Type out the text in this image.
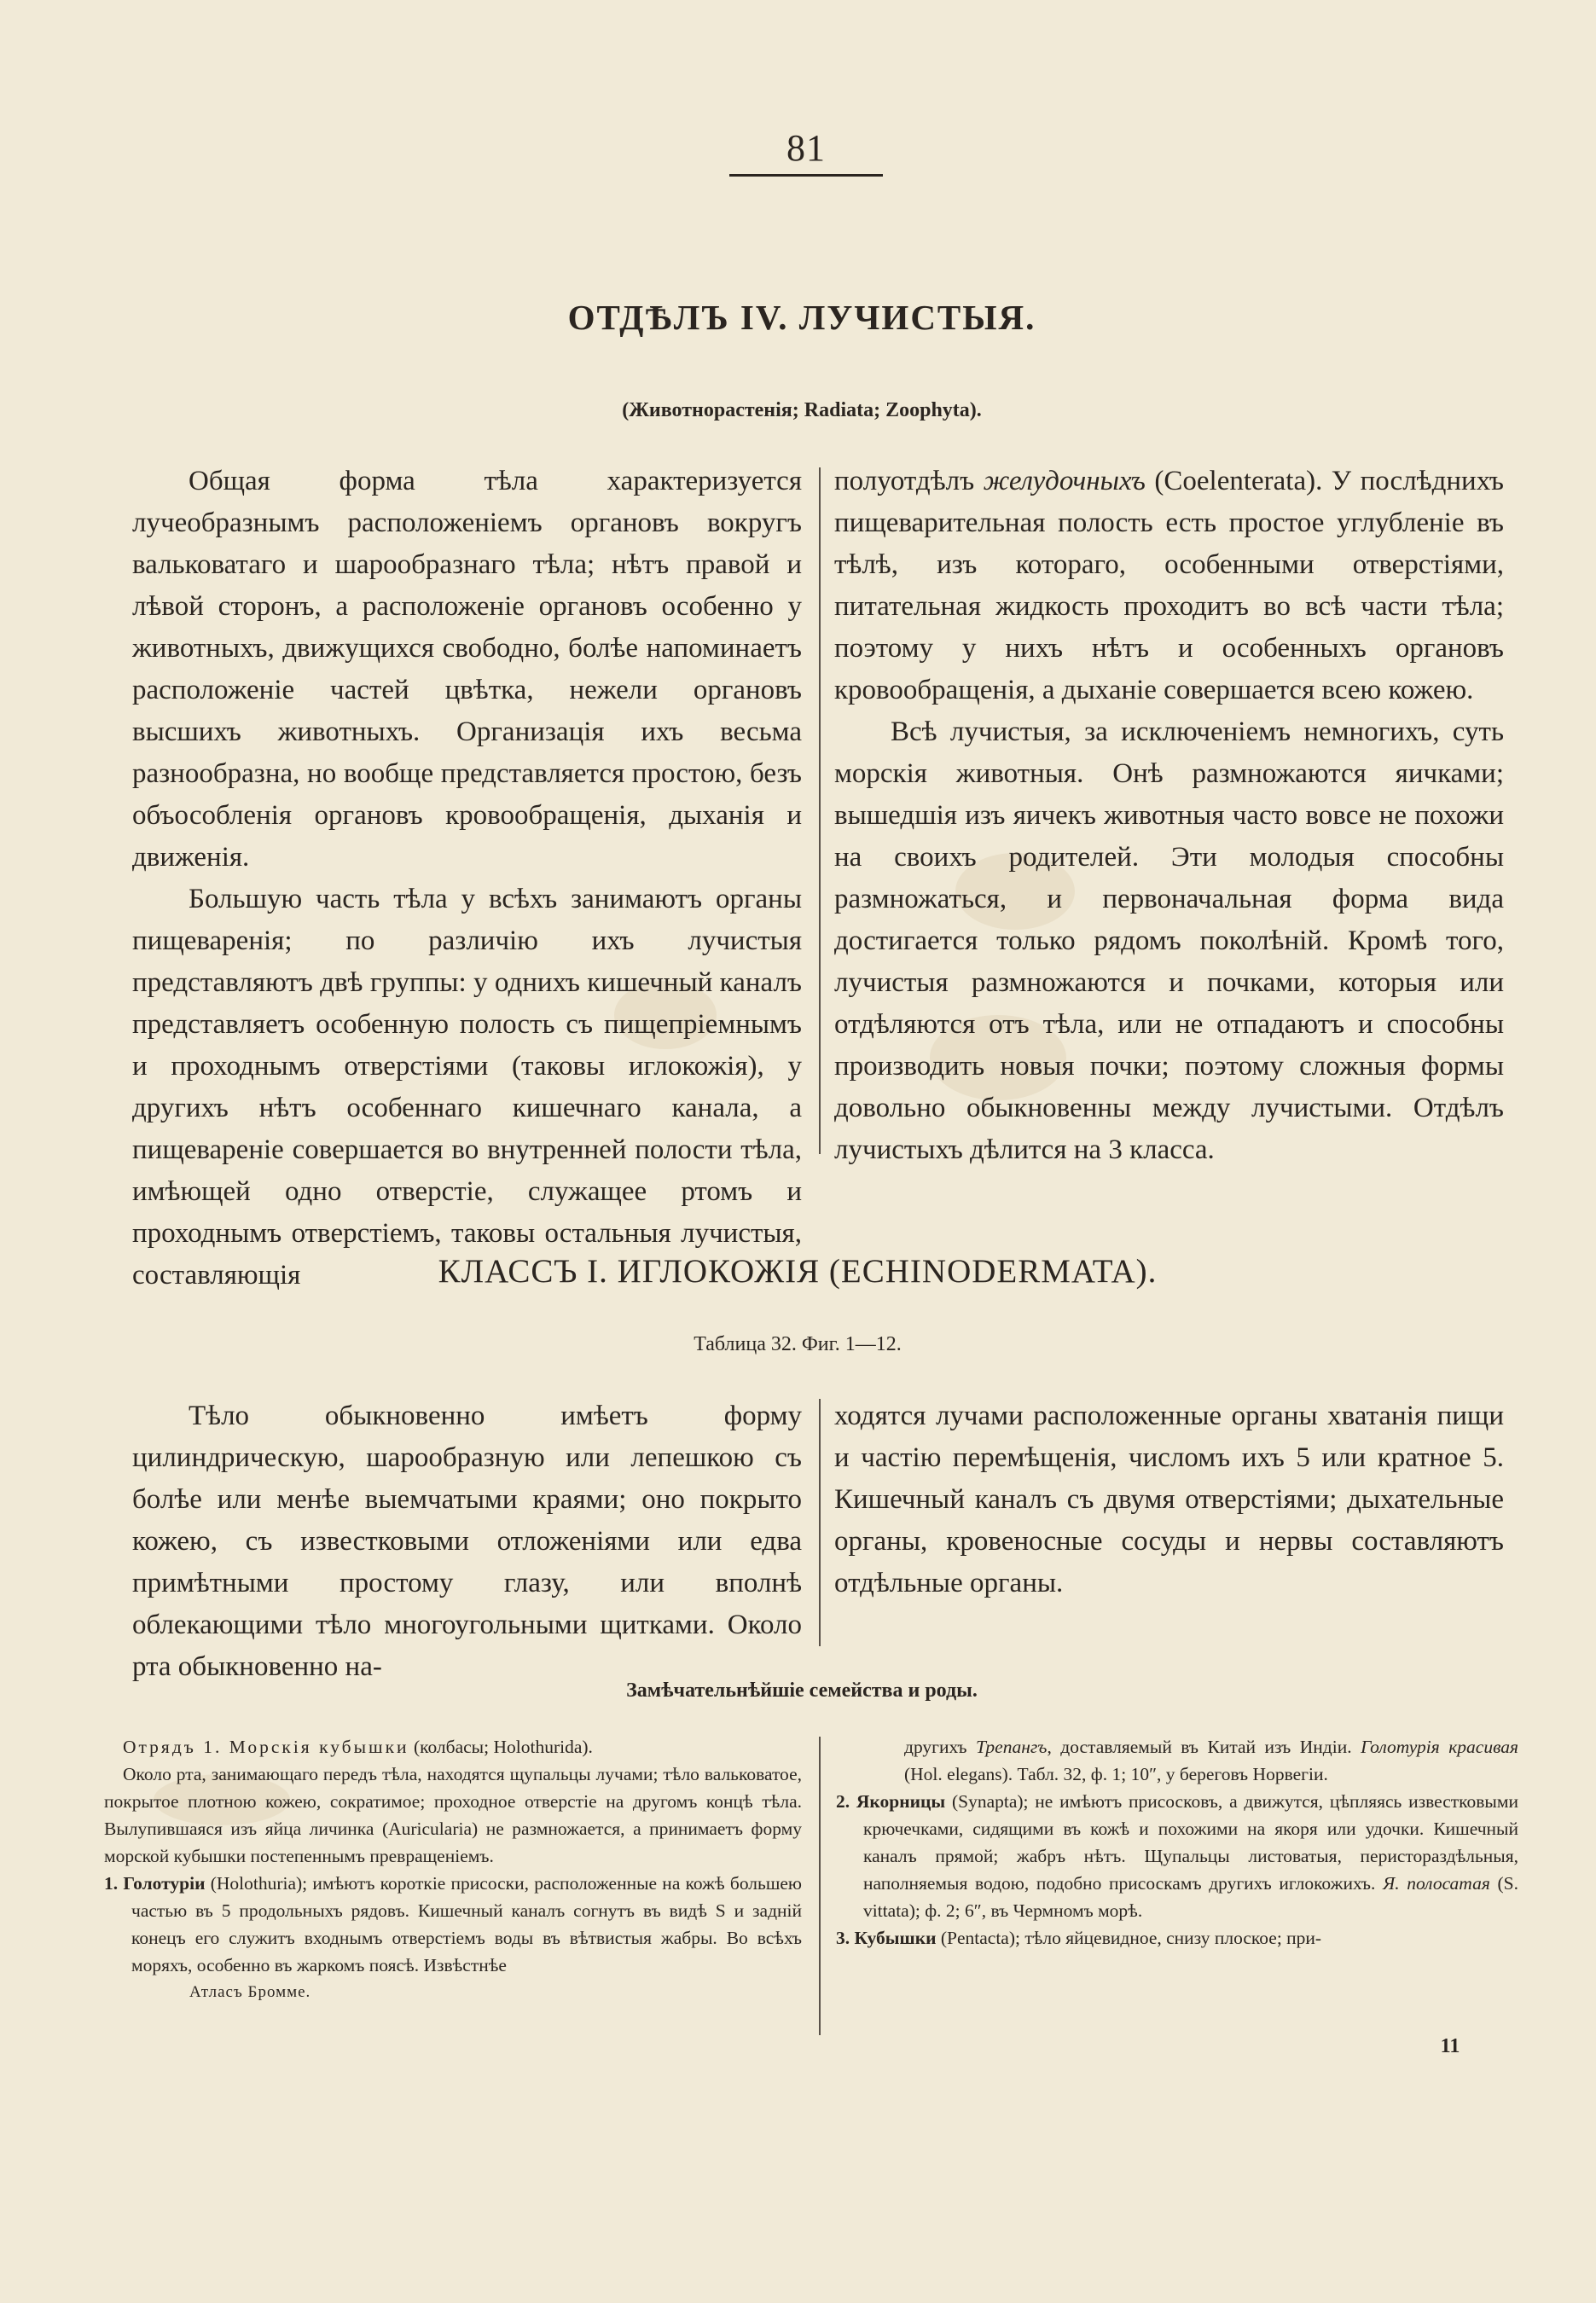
81
ОТДѢЛЪ IV. ЛУЧИСТЫЯ.
(Животнорастенія; Radiata; Zoophyta).

Общая форма тѣла характеризуется лучеобразнымъ расположеніемъ органовъ вокругъ вальковатаго и шарообразнаго тѣла; нѣтъ правой и лѣвой сторонъ, а расположеніе органовъ особенно у животныхъ, движущихся свободно, болѣе напоминаетъ расположеніе частей цвѣтка, нежели органовъ высшихъ животныхъ. Организація ихъ весьма разнообразна, но вообще представляется простою, безъ объособленія органовъ кровообращенія, дыханія и движенія.

Большую часть тѣла у всѣхъ занимаютъ органы пищеваренія; по различію ихъ лучистыя представляютъ двѣ группы: у однихъ кишечный каналъ представляетъ особенную полость съ пищепріемнымъ и проходнымъ отверстіями (таковы иглокожія), у другихъ нѣтъ особеннаго кишечнаго канала, а пищевареніе совершается во внутренней полости тѣла, имѣющей одно отверстіе, служащее ртомъ и проходнымъ отверстіемъ, таковы остальныя лучистыя, составляющія

полуотдѣлъ желудочныхъ (Coelenterata). У послѣднихъ пищеварительная полость есть простое углубленіе въ тѣлѣ, изъ котораго, особенными отверстіями, питательная жидкость проходитъ во всѣ части тѣла; поэтому у нихъ нѣтъ и особенныхъ органовъ кровообращенія, а дыханіе совершается всею кожею.

Всѣ лучистыя, за исключеніемъ немногихъ, суть морскія животныя. Онѣ размножаются яичками; вышедшія изъ яичекъ животныя часто вовсе не похожи на своихъ родителей. Эти молодыя способны размножаться, и первоначальная форма вида достигается только рядомъ поколѣній. Кромѣ того, лучистыя размножаются и почками, которыя или отдѣляются отъ тѣла, или не отпадаютъ и способны производить новыя почки; поэтому сложныя формы довольно обыкновенны между лучистыми. Отдѣлъ лучистыхъ дѣлится на 3 класса.

КЛАССЪ I. ИГЛОКОЖІЯ (ECHINODERMATA).
Таблица 32. Фиг. 1—12.

Тѣло обыкновенно имѣетъ форму цилиндрическую, шарообразную или лепешкою съ болѣе или менѣе выемчатыми краями; оно покрыто кожею, съ известковыми отложеніями или едва примѣтными простому глазу, или вполнѣ облекающими тѣло многоугольными щитками. Около рта обыкновенно на-

ходятся лучами расположенные органы хватанія пищи и частію перемѣщенія, числомъ ихъ 5 или кратное 5. Кишечный каналъ съ двумя отверстіями; дыхательные органы, кровеносные сосуды и нервы составляютъ отдѣльные органы.

Замѣчательнѣйшіе семейства и роды.

Отрядъ 1. Морскія кубышки (колбасы; Holothurida).

Около рта, занимающаго передъ тѣла, находятся щупальцы лучами; тѣло вальковатое, покрытое плотною кожею, сократимое; проходное отверстіе на другомъ концѣ тѣла. Вылупившаяся изъ яйца личинка (Auricularia) не размножается, а принимаетъ форму морской кубышки постепеннымъ превращеніемъ.

1. Голотуріи (Holothuria); имѣютъ короткіе присоски, расположенные на кожѣ большею частью въ 5 продольныхъ рядовъ. Кишечный каналъ согнутъ въ видѣ S и задній конецъ его служитъ входнымъ отверстіемъ воды въ вѣтвистыя жабры. Во всѣхъ моряхъ, особенно въ жаркомъ поясѣ. Извѣстнѣе

Атласъ Бромме.

другихъ Трепангъ, доставляемый въ Китай изъ Индіи. Голотурія красивая (Hol. elegans). Табл. 32, ф. 1; 10″, у береговъ Норвегіи.

2. Якорницы (Synapta); не имѣютъ присосковъ, а движутся, цѣпляясь известковыми крючечками, сидящими въ кожѣ и похожими на якоря или удочки. Кишечный каналъ прямой; жабръ нѣтъ. Щупальцы листоватыя, перистораздѣльныя, наполняемыя водою, подобно присоскамъ другихъ иглокожихъ. Я. полосатая (S. vittata); ф. 2; 6″, въ Чермномъ морѣ.

3. Кубышки (Pentacta); тѣло яйцевидное, снизу плоское; при-

11
